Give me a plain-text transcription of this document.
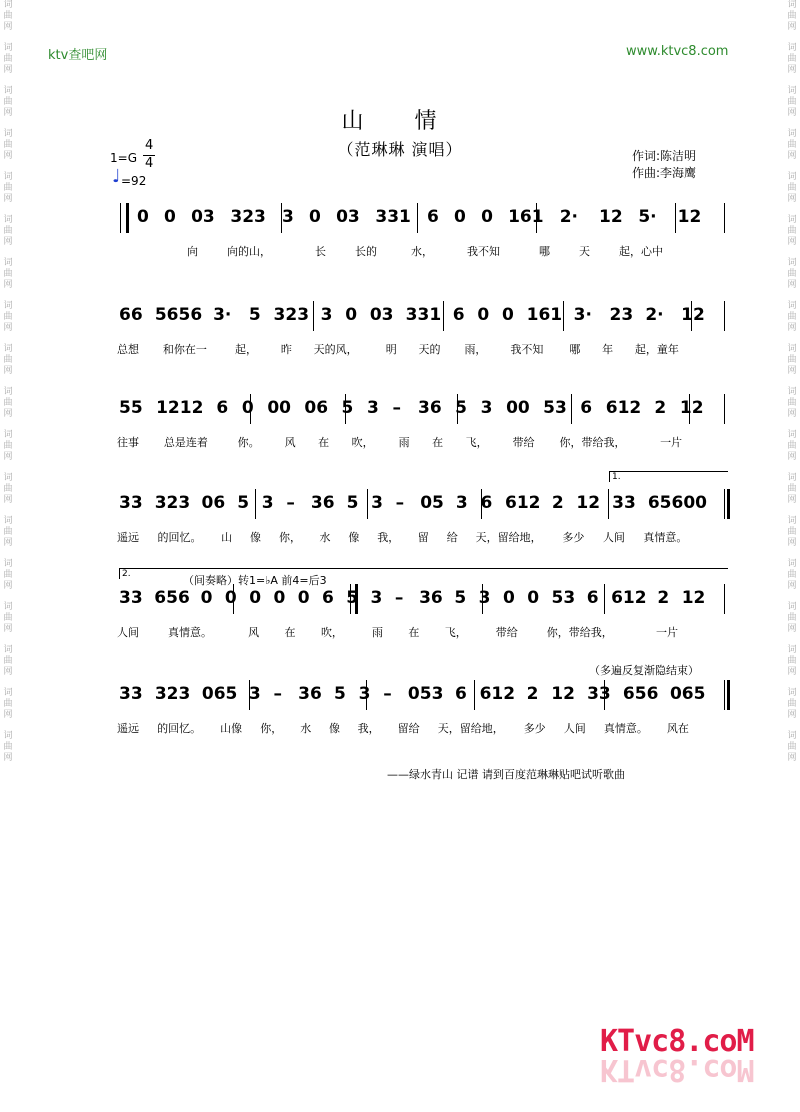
词
曲
网
词
曲
网
词
曲
网
词
曲
网
词
曲
网
词
曲
网
词
曲
网
词
曲
网
词
曲
网
词
曲
网
词
曲
网
词
曲
网
词
曲
网
词
曲
网
词
曲
网
词
曲
网
词
曲
网
词
曲
网
词
曲
网
词
曲
网
词
曲
网
词
曲
网
词
曲
网
词
曲
网
词
曲
网
词
曲
网
词
曲
网
词
曲
网
词
曲
网
词
曲
网
词
曲
网
词
曲
网
词
曲
网
词
曲
网
词
曲
网
词
曲
网
ktv查吧网	www.ktvc8.com
山 情
（范琳琳 演唱）
1=G
4
4
♩ =92
作词:陈洁明
作曲:李海鹰
0 0 03 323 3 0 03 331 6 0 0 161 2· 12 5· 12
向	向的山，	长	长的	水，	我不知	哪	天	起，心中
66 5656 3· 5 323 3 0 03 331 6 0 0 161 3· 23 2· 12
总想 和你在一	起， 昨 天的风，	明 天的 雨， 我不知 哪 年 起，童年
55 1212 6 0 00 06 5 3 – 36 5 3 00 53 6 612 2 12
往事 总是连着	你。 风 在 吹， 雨 在 飞， 带给 你，带给我，	一片
33 323 06 5 3 – 36 5 3 – 05 3 6 612 2 12 33 65600
遥远 的回忆。 山 像 你， 水 像 我， 留 给 天，留给地， 多少 人间 真情意。
33 656 0 0 0 0 0 6 5 3 – 36 5 3 0 0 53 6 612 2 12
人间	真情意。	风 在 吹，	雨 在 飞，	带给	你，带给我，	一片
33 323 065 3 – 36 5 3 – 053 6 612 2 12 33 656 065
遥远 的回忆。 山像 你， 水 像 我， 留给 天，留给地， 多少 人间 真情意。 风在
1.
2.	（间奏略）转1=♭A 前4=后3
（多遍反复渐隐结束）
——绿水青山 记谱 请到百度范琳琳贴吧试听歌曲
KTvc8.coM
KTvc8.coM
